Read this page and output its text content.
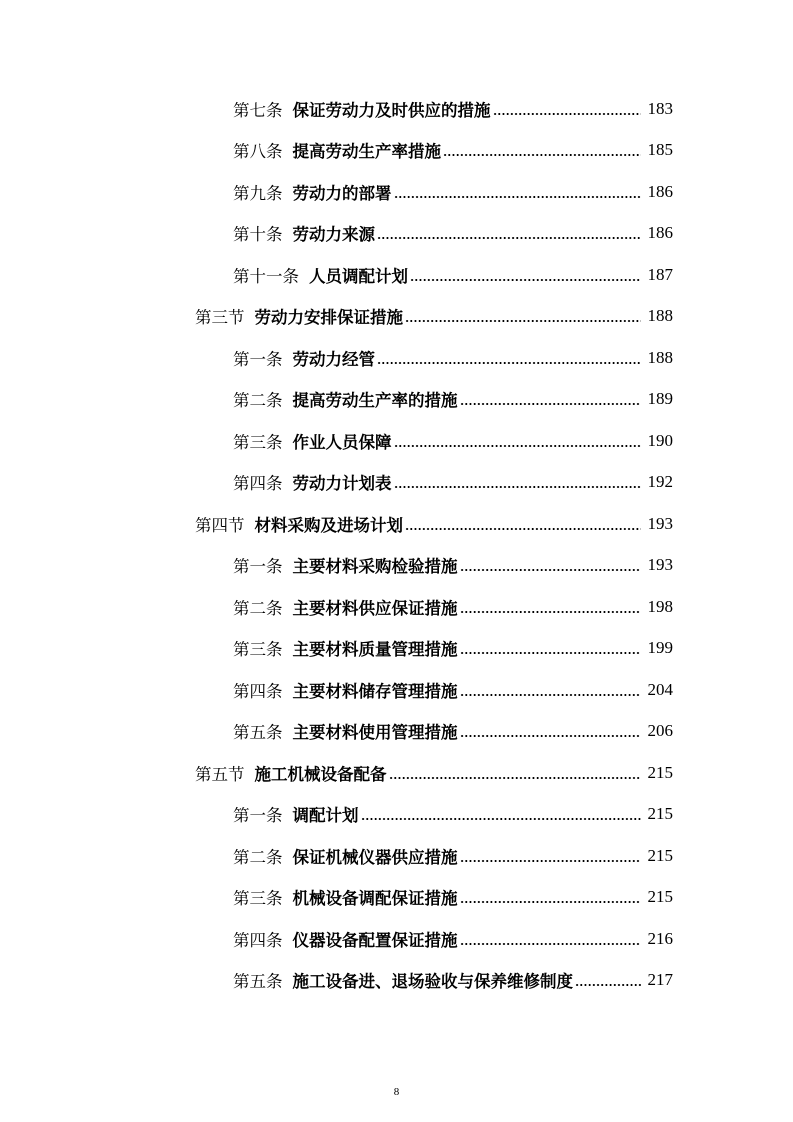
第七条 保证劳动力及时供应的措施	183
第八条 提高劳动生产率措施	185
第九条 劳动力的部署	186
第十条 劳动力来源	186
第十一条 人员调配计划	187
第三节 劳动力安排保证措施	188
第一条 劳动力经管	188
第二条 提高劳动生产率的措施	189
第三条 作业人员保障	190
第四条 劳动力计划表	192
第四节 材料采购及进场计划	193
第一条 主要材料采购检验措施	193
第二条 主要材料供应保证措施	198
第三条 主要材料质量管理措施	199
第四条 主要材料储存管理措施	204
第五条 主要材料使用管理措施	206
第五节 施工机械设备配备	215
第一条 调配计划	215
第二条 保证机械仪器供应措施	215
第三条 机械设备调配保证措施	215
第四条 仪器设备配置保证措施	216
第五条 施工设备进、退场验收与保养维修制度	217
8
